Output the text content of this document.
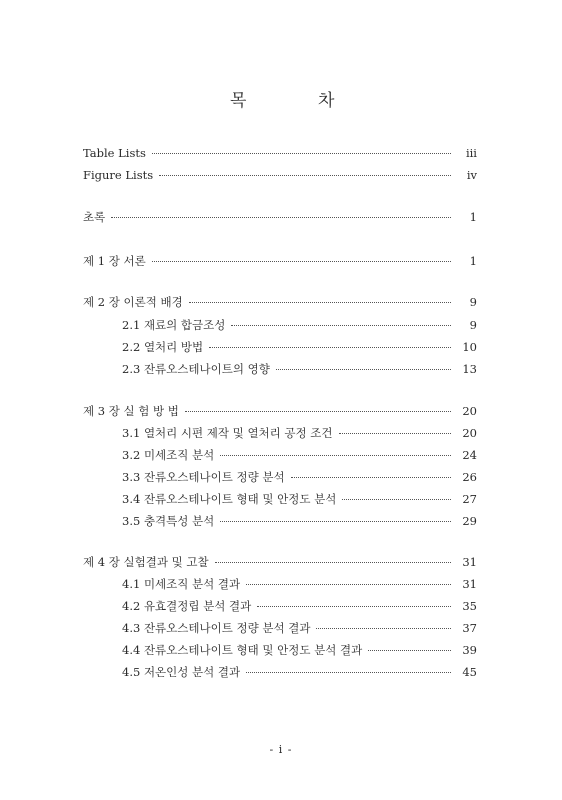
목	차
Table Lists	iii
Figure Lists	iv
초록	1
제 1 장 서론	1
제 2 장 이론적 배경	9
2.1 재료의 합금조성	9
2.2 열처리 방법	10
2.3 잔류오스테나이트의 영향	13
제 3 장 실 험 방 법	20
3.1 열처리 시편 제작 및 열처리 공정 조건	20
3.2 미세조직 분석	24
3.3 잔류오스테나이트 정량 분석	26
3.4 잔류오스테나이트 형태 및 안정도 분석	27
3.5 충격특성 분석	29
제 4 장 실험결과 및 고찰	31
4.1 미세조직 분석 결과	31
4.2 유효결정립 분석 결과	35
4.3 잔류오스테나이트 정량 분석 결과	37
4.4 잔류오스테나이트 형태 및 안정도 분석 결과	39
4.5 저온인성 분석 결과	45
- i -
